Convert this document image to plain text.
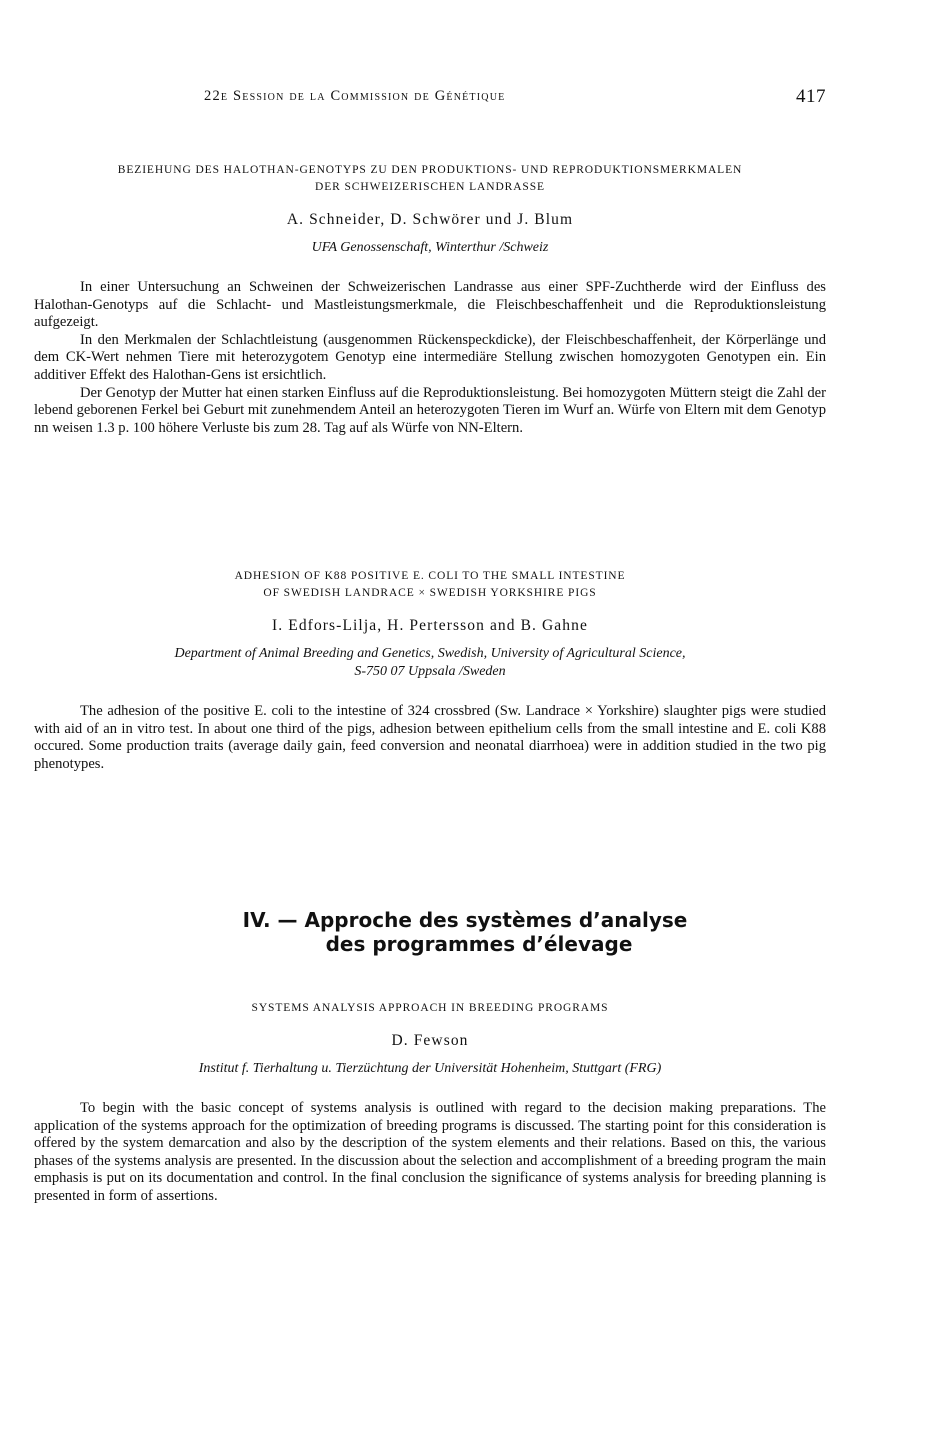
22e Session de la Commission de Génétique	417
BEZIEHUNG DES HALOTHAN-GENOTYPS ZU DEN PRODUKTIONS- UND REPRODUKTIONSMERKMALEN
DER SCHWEIZERISCHEN LANDRASSE
A. Schneider, D. Schwörer und J. Blum
UFA Genossenschaft, Winterthur /Schweiz

In einer Untersuchung an Schweinen der Schweizerischen Landrasse aus einer SPF-Zuchtherde wird der Einfluss des Halothan-Genotyps auf die Schlacht- und Mastleistungsmerkmale, die Fleischbeschaffenheit und die Reproduktionsleistung aufgezeigt.

In den Merkmalen der Schlachtleistung (ausgenommen Rückenspeckdicke), der Fleischbeschaffenheit, der Körperlänge und dem CK-Wert nehmen Tiere mit heterozygotem Genotyp eine intermediäre Stellung zwischen homozygoten Genotypen ein. Ein additiver Effekt des Halothan-Gens ist ersichtlich.

Der Genotyp der Mutter hat einen starken Einfluss auf die Reproduktionsleistung. Bei homozygoten Müttern steigt die Zahl der lebend geborenen Ferkel bei Geburt mit zunehmendem Anteil an heterozygoten Tieren im Wurf an. Würfe von Eltern mit dem Genotyp nn weisen 1.3 p. 100 höhere Verluste bis zum 28. Tag auf als Würfe von NN-Eltern.

ADHESION OF K88 POSITIVE E. COLI TO THE SMALL INTESTINE
OF SWEDISH LANDRACE × SWEDISH YORKSHIRE PIGS
I. Edfors-Lilja, H. Pertersson and B. Gahne
Department of Animal Breeding and Genetics, Swedish, University of Agricultural Science,
S-750 07 Uppsala /Sweden

The adhesion of the positive E. coli to the intestine of 324 crossbred (Sw. Landrace × Yorkshire) slaughter pigs were studied with aid of an in vitro test. In about one third of the pigs, adhesion between epithelium cells from the small intestine and E. coli K88 occured. Some production traits (average daily gain, feed conversion and neonatal diarrhoea) were in addition studied in the two pig phenotypes.

IV. — Approche des systèmes d’analyse
des programmes d’élevage
SYSTEMS ANALYSIS APPROACH IN BREEDING PROGRAMS
D. Fewson
Institut f. Tierhaltung u. Tierzüchtung der Universität Hohenheim, Stuttgart (FRG)

To begin with the basic concept of systems analysis is outlined with regard to the decision making preparations. The application of the systems approach for the optimization of breeding programs is discussed. The starting point for this consideration is offered by the system demarcation and also by the description of the system elements and their relations. Based on this, the various phases of the systems analysis are presented. In the discussion about the selection and accomplishment of a breeding program the main emphasis is put on its documentation and control. In the final conclusion the significance of systems analysis for breeding planning is presented in form of assertions.
